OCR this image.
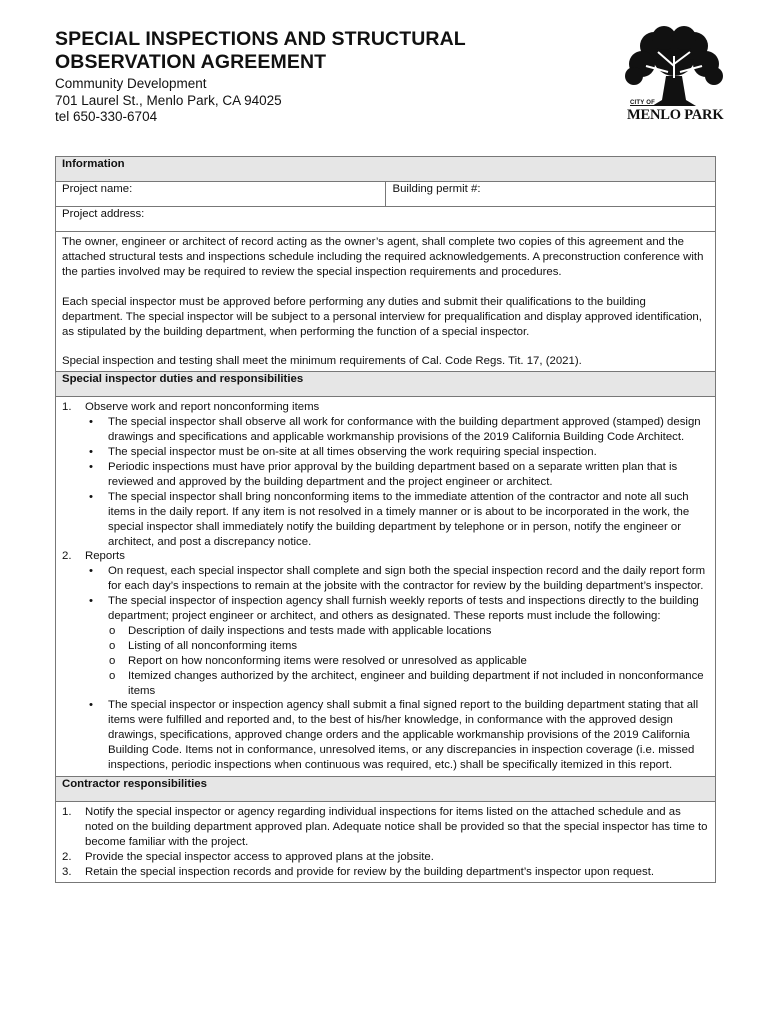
SPECIAL INSPECTIONS AND STRUCTURAL
OBSERVATION AGREEMENT
Community Development
701 Laurel St., Menlo Park, CA 94025
tel 650-330-6704
CITY OF
MENLO PARK
Information
Project name:	Building permit #:
Project address:

The owner, engineer or architect of record acting as the owner’s agent, shall complete two copies of this agreement and the attached structural tests and inspections schedule including the required acknowledgements. A preconstruction conference with the parties involved may be required to review the special inspection requirements and procedures.

Each special inspector must be approved before performing any duties and submit their qualifications to the building department. The special inspector will be subject to a personal interview for prequalification and display approved identification, as stipulated by the building department, when performing the function of a special inspector.

Special inspection and testing shall meet the minimum requirements of Cal. Code Regs. Tit. 17, (2021).

Special inspector duties and responsibilities

1. Observe work and report nonconforming items
• The special inspector shall observe all work for conformance with the building department approved (stamped) design drawings and specifications and applicable workmanship provisions of the 2019 California Building Code Architect.
• The special inspector must be on-site at all times observing the work requiring special inspection.
• Periodic inspections must have prior approval by the building department based on a separate written plan that is reviewed and approved by the building department and the project engineer or architect.
• The special inspector shall bring nonconforming items to the immediate attention of the contractor and note all such items in the daily report. If any item is not resolved in a timely manner or is about to be incorporated in the work, the special inspector shall immediately notify the building department by telephone or in person, notify the engineer or architect, and post a discrepancy notice.
2. Reports
• On request, each special inspector shall complete and sign both the special inspection record and the daily report form for each day’s inspections to remain at the jobsite with the contractor for review by the building department’s inspector.
• The special inspector of inspection agency shall furnish weekly reports of tests and inspections directly to the building department; project engineer or architect, and others as designated. These reports must include the following:
o Description of daily inspections and tests made with applicable locations
o Listing of all nonconforming items
o Report on how nonconforming items were resolved or unresolved as applicable
o Itemized changes authorized by the architect, engineer and building department if not included in nonconformance items
• The special inspector or inspection agency shall submit a final signed report to the building department stating that all items were fulfilled and reported and, to the best of his/her knowledge, in conformance with the approved design drawings, specifications, approved change orders and the applicable workmanship provisions of the 2019 California Building Code. Items not in conformance, unresolved items, or any discrepancies in inspection coverage (i.e. missed inspections, periodic inspections when continuous was required, etc.) shall be specifically itemized in this report.

Contractor responsibilities

1. Notify the special inspector or agency regarding individual inspections for items listed on the attached schedule and as noted on the building department approved plan. Adequate notice shall be provided so that the special inspector has time to become familiar with the project.
2. Provide the special inspector access to approved plans at the jobsite.
3. Retain the special inspection records and provide for review by the building department’s inspector upon request.
